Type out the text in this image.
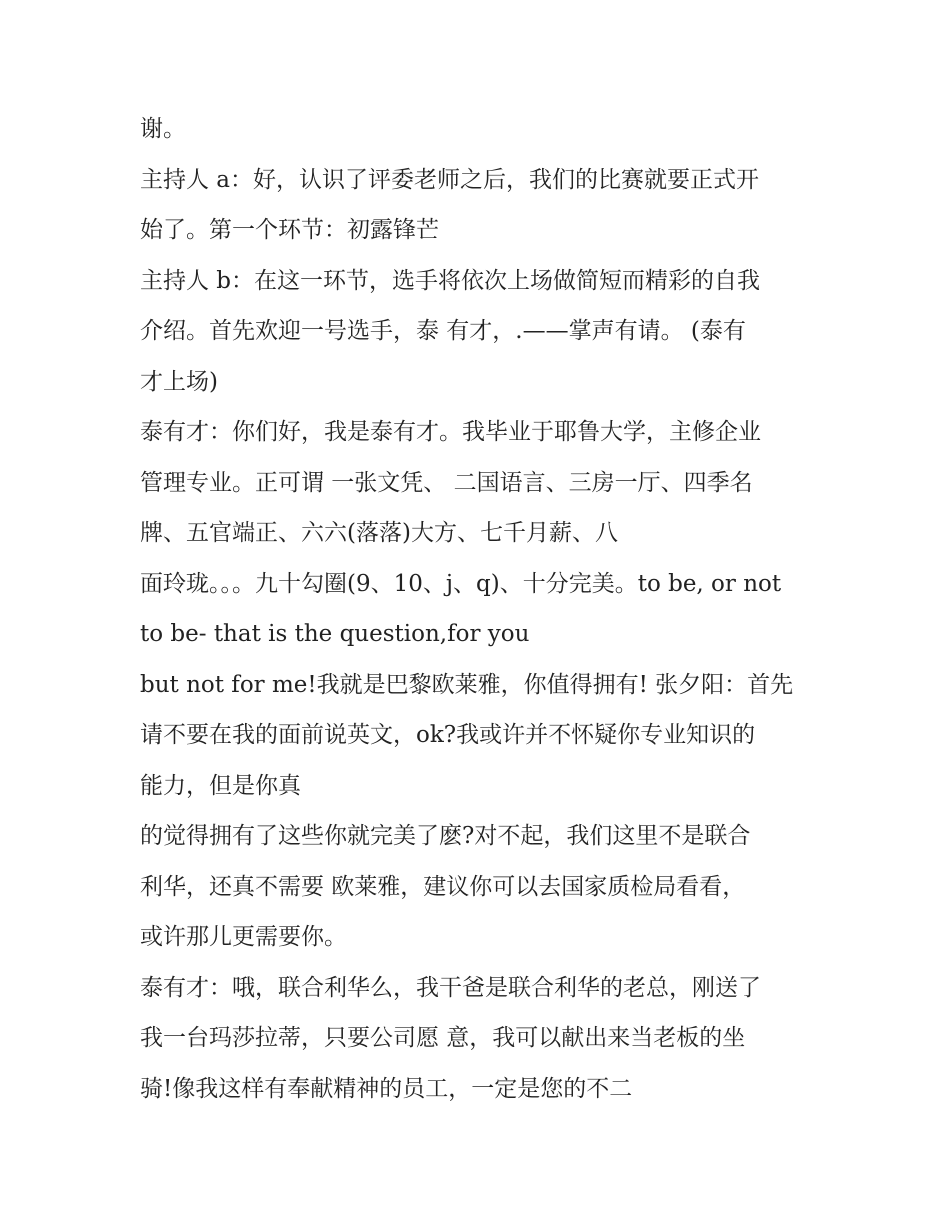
谢。
主持人 a：好，认识了评委老师之后，我们的比赛就要正式开
始了。第一个环节：初露锋芒
主持人 b：在这一环节，选手将依次上场做简短而精彩的自我
介绍。首先欢迎一号选手，泰 有才，.——掌声有请。 (泰有
才上场)
泰有才：你们好，我是泰有才。我毕业于耶鲁大学，主修企业
管理专业。正可谓 一张文凭、 二国语言、三房一厅、四季名
牌、五官端正、六六(落落)大方、七千月薪、八
面玲珑。。。九十勾圈(9、10、j、q)、十分完美。to be, or not
to be- that is the question,for you
but not for me!我就是巴黎欧莱雅，你值得拥有! 张夕阳：首先
请不要在我的面前说英文，ok?我或许并不怀疑你专业知识的
能力，但是你真
的觉得拥有了这些你就完美了麽?对不起，我们这里不是联合
利华，还真不需要 欧莱雅，建议你可以去国家质检局看看，
或许那儿更需要你。
泰有才：哦，联合利华么，我干爸是联合利华的老总，刚送了
我一台玛莎拉蒂，只要公司愿 意，我可以献出来当老板的坐
骑!像我这样有奉献精神的员工，一定是您的不二
